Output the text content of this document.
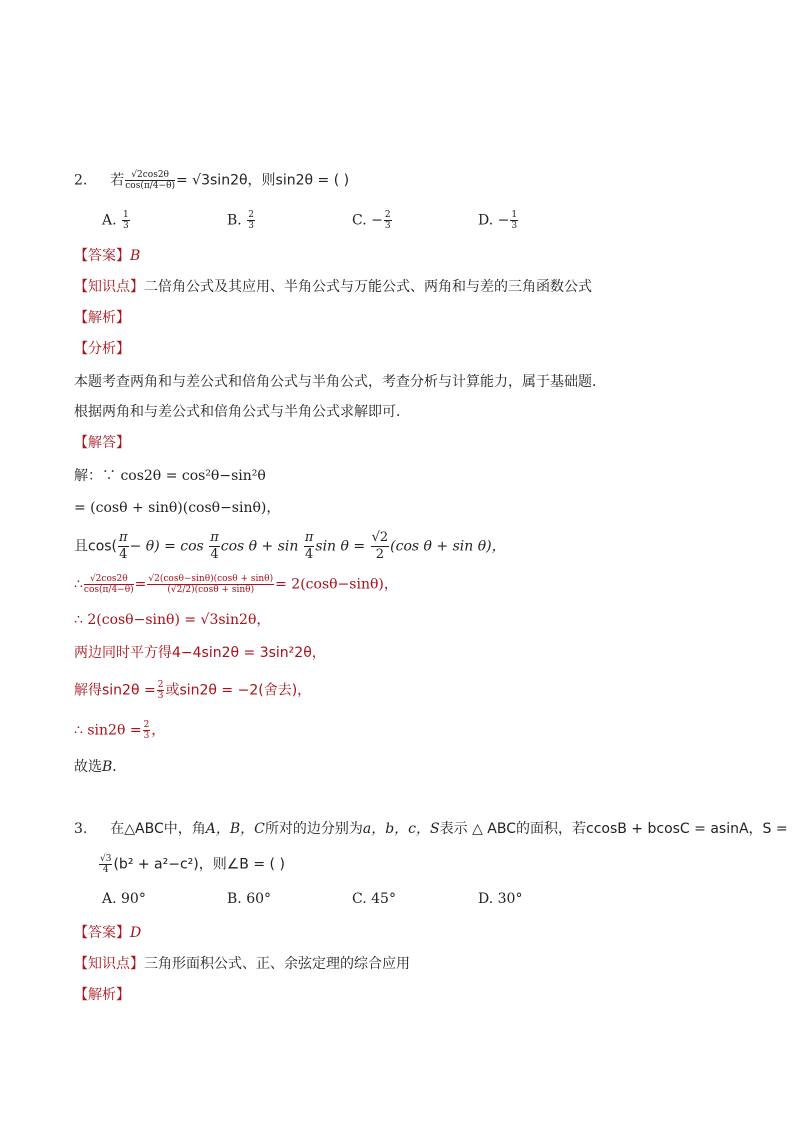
2. 若 $\frac{√2\cos 2\theta}{\cos(\pi/4-\theta)} = √3\sin 2\theta$，则sin2θ = ( )
A. $\frac{1}{3}$	B. $\frac{2}{3}$	C. − $\frac{2}{3}$	D. − $\frac{1}{3}$
【答案】B
【知识点】二倍角公式及其应用、半角公式与万能公式、两角和与差的三角函数公式
【解析】
【分析】
本题考查两角和与差公式和倍角公式与半角公式，考查分析与计算能力，属于基础题．
根据两角和与差公式和倍角公式与半角公式求解即可．
【解答】
解：∵ cos2θ = cos²θ−sin²θ
= (cosθ + sinθ)(cosθ−sinθ)，
且$\cos( \frac{\pi}{4} - \theta) = \cos \frac{\pi}{4}$ $\cos \theta + \sin \frac{\pi}{4}$ $\sin \theta = \frac{√2}{2} (\cos$ θ + sin θ)，
∴ $\frac{√2\cos 2\theta}{\cos(\pi/4-\theta)} = \frac{√2(\cos\theta-\sin\theta)(\cos\theta + \sin\theta)}{(√2/2)(\cos\theta + \sin\theta)} = 2(\cos\theta-\sin\theta)$，
∴ 2(cosθ−sinθ) = √3sin2θ，
两边同时平方得4−4sin2θ = 3sin²2θ，
解得$\sin 2\theta = \frac{2}{3}$ 或sin2θ = −2(舍去)，
∴ $\sin 2\theta = \frac{2}{3}$ ，
故选B．
3. 在△ABC中，角A，B，C所对的边分别为a，b，c，S表示 △ ABC的面积，若ccosB + bcosC = asinA，S =
$\frac{√3}{4} (b^2 + a^2-c^2)$，则∠B = ( )
A. 90°	B. 60°	C. 45°	D. 30°
【答案】D
【知识点】三角形面积公式、正、余弦定理的综合应用
【解析】
